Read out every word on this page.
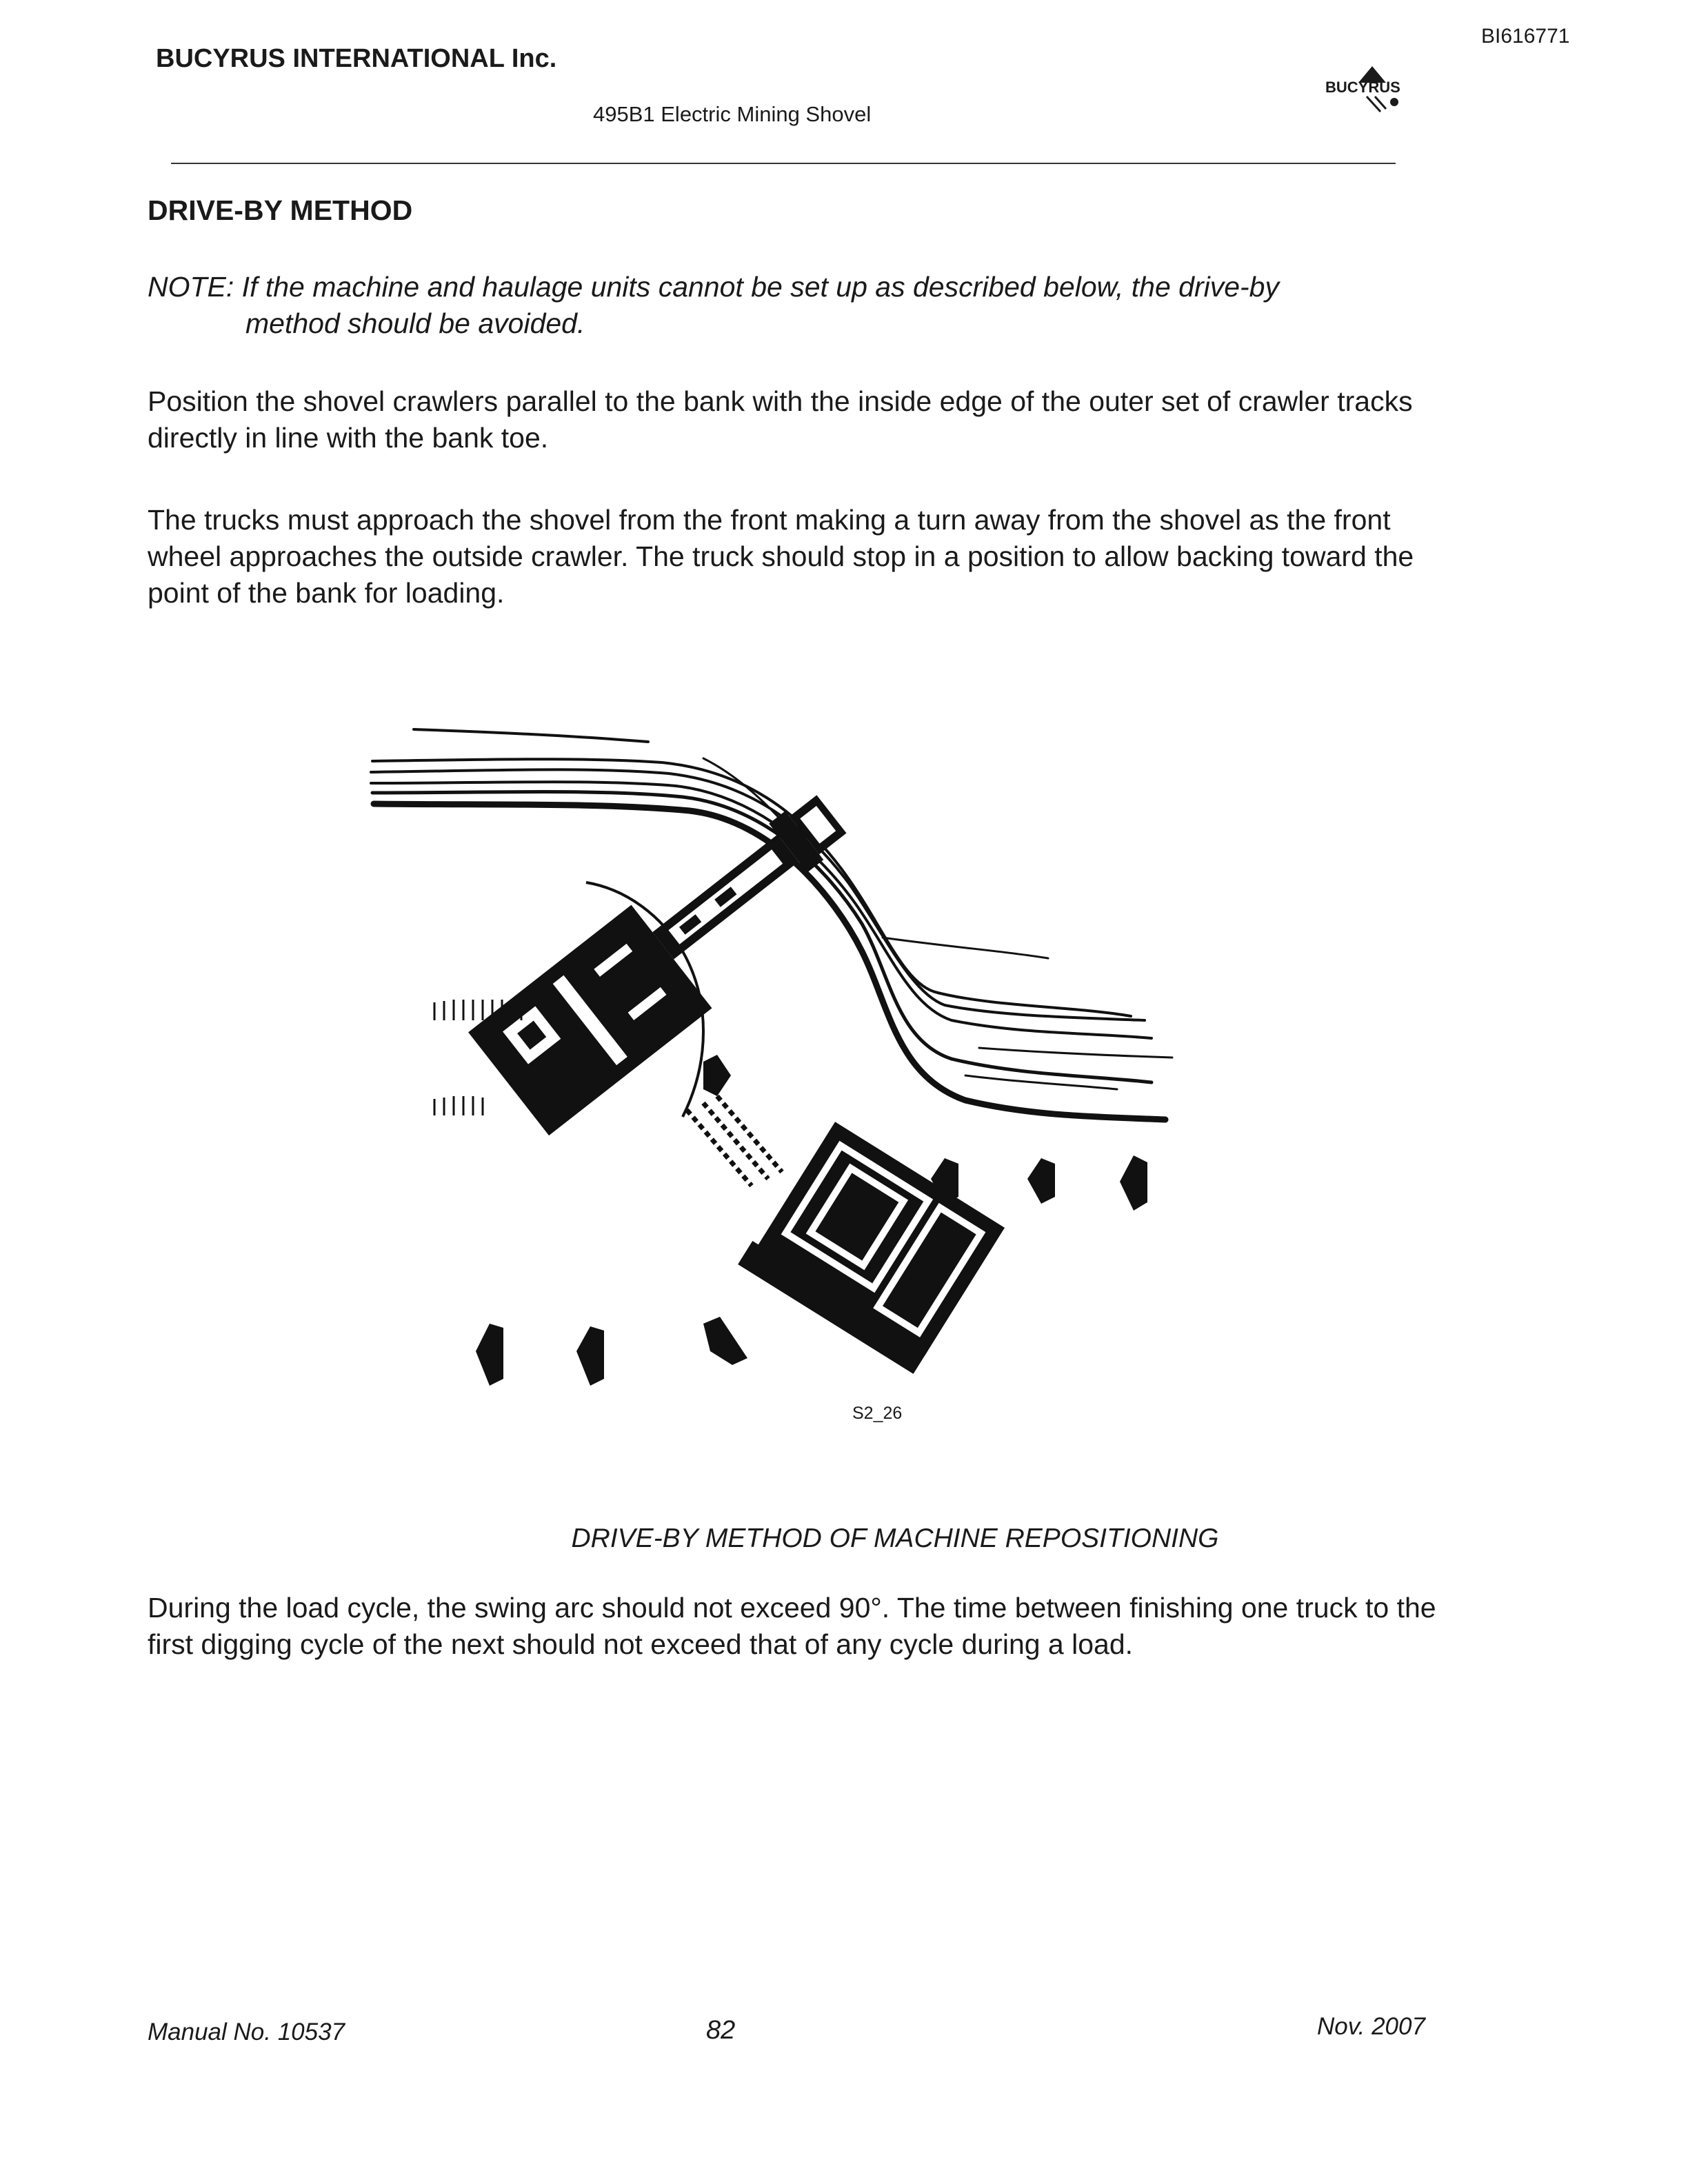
BI616771
BUCYRUS INTERNATIONAL Inc.
495B1 Electric Mining Shovel
BUCYRUS
DRIVE-BY METHOD
NOTE: If the machine and haulage units cannot be set up as described below, the drive-by
method should be avoided.
Position the shovel crawlers parallel to the bank with the inside edge of the outer set of crawler tracks directly in line with the bank toe.
The trucks must approach the shovel from the front making a turn away from the shovel as the front wheel approaches the outside crawler. The truck should stop in a position to allow backing toward the point of the bank for loading.
S2_26
DRIVE-BY METHOD OF MACHINE REPOSITIONING
During the load cycle, the swing arc should not exceed 90°. The time between finishing one truck to the first digging cycle of the next should not exceed that of any cycle during a load.
Manual No. 10537	82	Nov. 2007
